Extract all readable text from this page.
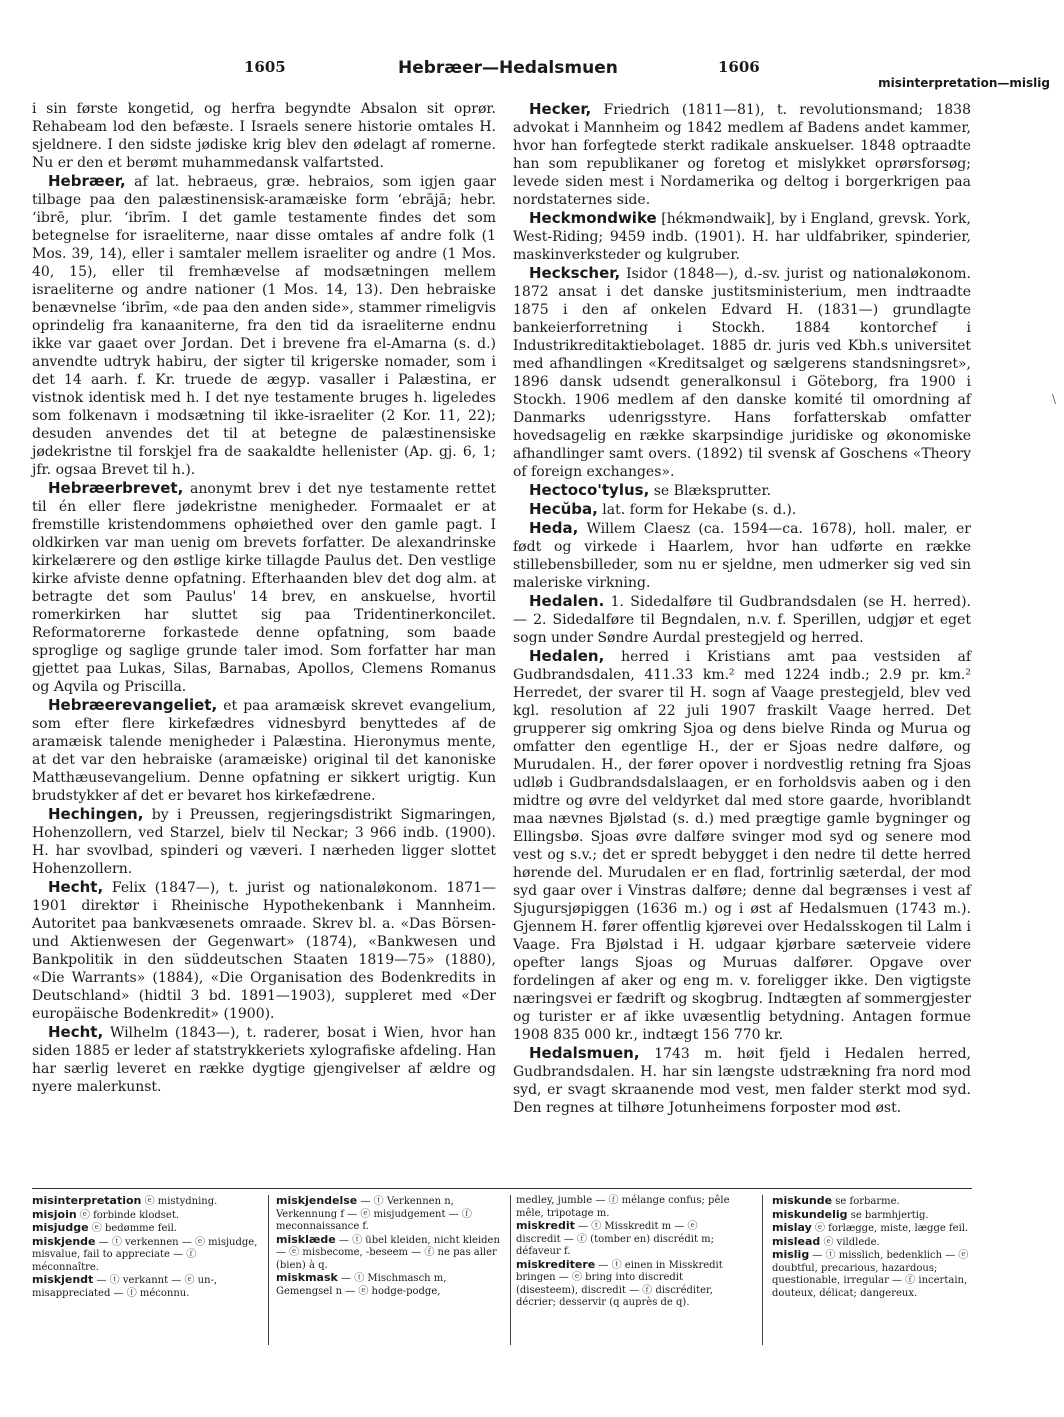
1605	Hebræer—Hedalsmuen	1606
misinterpretation—mislig

i sin første kongetid, og herfra begyndte Absalon sit oprør. Rehabeam lod den befæste. I Israels senere historie omtales H. sjeldnere. I den sidste jødiske krig blev den ødelagt af romerne. Nu er den et berømt muhammedansk valfartsted.

Hebræer, af lat. hebraeus, græ. hebraios, som igjen gaar tilbage paa den palæstinensisk-aramæiske form ʻebrājā; hebr. ʻibrē, plur. ʻibrīm. I det gamle testamente findes det som betegnelse for israeliterne, naar disse omtales af andre folk (1 Mos. 39, 14), eller i samtaler mellem israeliter og andre (1 Mos. 40, 15), eller til fremhævelse af modsætningen mellem israeliterne og andre nationer (1 Mos. 14, 13). Den hebraiske benævnelse ʻibrīm, «de paa den anden side», stammer rimeligvis oprindelig fra kanaaniterne, fra den tid da israeliterne endnu ikke var gaaet over Jordan. Det i brevene fra el-Amarna (s. d.) anvendte udtryk habiru, der sigter til krigerske nomader, som i det 14 aarh. f. Kr. truede de ægyp. vasaller i Palæstina, er vistnok identisk med h. I det nye testamente bruges h. ligeledes som folkenavn i modsætning til ikke-israeliter (2 Kor. 11, 22); desuden anvendes det til at betegne de palæstinensiske jødekristne til forskjel fra de saakaldte hellenister (Ap. gj. 6, 1; jfr. ogsaa Brevet til h.).

Hebræerbrevet, anonymt brev i det nye testamente rettet til én eller flere jødekristne menigheder. Formaalet er at fremstille kristendommens ophøiethed over den gamle pagt. I oldkirken var man uenig om brevets forfatter. De alexandrinske kirkelærere og den østlige kirke tillagde Paulus det. Den vestlige kirke afviste denne opfatning. Efterhaanden blev det dog alm. at betragte det som Paulus' 14 brev, en anskuelse, hvortil romerkirken har sluttet sig paa Tridentinerkoncilet. Reformatorerne forkastede denne opfatning, som baade sproglige og saglige grunde taler imod. Som forfatter har man gjettet paa Lukas, Silas, Barnabas, Apollos, Clemens Romanus og Aqvila og Priscilla.

Hebræerevangeliet, et paa aramæisk skrevet evangelium, som efter flere kirkefædres vidnesbyrd benyttedes af de aramæisk talende menigheder i Palæstina. Hieronymus mente, at det var den hebraiske (aramæiske) original til det kanoniske Matthæusevangelium. Denne opfatning er sikkert urigtig. Kun brudstykker af det er bevaret hos kirkefædrene.

Hechingen, by i Preussen, regjeringsdistrikt Sigmaringen, Hohenzollern, ved Starzel, bielv til Neckar; 3 966 indb. (1900). H. har svovlbad, spinderi og væveri. I nærheden ligger slottet Hohenzollern.

Hecht, Felix (1847—), t. jurist og nationaløkonom. 1871—1901 direktør i Rheinische Hypothekenbank i Mannheim. Autoritet paa bankvæsenets omraade. Skrev bl. a. «Das Börsen- und Aktienwesen der Gegenwart» (1874), «Bankwesen und Bankpolitik in den süddeutschen Staaten 1819—75» (1880), «Die Warrants» (1884), «Die Organisation des Bodenkredits in Deutschland» (hidtil 3 bd. 1891—1903), suppleret med «Der europäische Bodenkredit» (1900).

Hecht, Wilhelm (1843—), t. raderer, bosat i Wien, hvor han siden 1885 er leder af statstrykkeriets xylografiske afdeling. Han har særlig leveret en række dygtige gjengivelser af ældre og nyere malerkunst.

Hecker, Friedrich (1811—81), t. revolutionsmand; 1838 advokat i Mannheim og 1842 medlem af Badens andet kammer, hvor han forfegtede sterkt radikale anskuelser. 1848 optraadte han som republikaner og foretog et mislykket oprørsforsøg; levede siden mest i Nordamerika og deltog i borgerkrigen paa nordstaternes side.

Heckmondwike [hékməndwaik], by i England, grevsk. York, West-Riding; 9459 indb. (1901). H. har uldfabriker, spinderier, maskinverksteder og kulgruber.

Heckscher, Isidor (1848—), d.-sv. jurist og nationaløkonom. 1872 ansat i det danske justitsministerium, men indtraadte 1875 i den af onkelen Edvard H. (1831—) grundlagte bankeierforretning i Stockh. 1884 kontorchef i Industrikreditaktiebolaget. 1885 dr. juris ved Kbh.s universitet med afhandlingen «Kreditsalget og sælgerens standsningsret», 1896 dansk udsendt generalkonsul i Göteborg, fra 1900 i Stockh. 1906 medlem af den danske komité til omordning af Danmarks udenrigsstyre. Hans forfatterskab omfatter hovedsagelig en række skarpsindige juridiske og økonomiske afhandlinger samt overs. (1892) til svensk af Goschens «Theory of foreign exchanges».

Hectoco'tylus, se Blæksprutter.

Hecŭba, lat. form for Hekabe (s. d.).

Heda, Willem Claesz (ca. 1594—ca. 1678), holl. maler, er født og virkede i Haarlem, hvor han udførte en række stillebensbilleder, som nu er sjeldne, men udmerker sig ved sin maleriske virkning.

Hedalen. 1. Sidedalføre til Gudbrandsdalen (se H. herred). — 2. Sidedalføre til Begndalen, n.v. f. Sperillen, udgjør et eget sogn under Søndre Aurdal prestegjeld og herred.

Hedalen, herred i Kristians amt paa vestsiden af Gudbrandsdalen, 411.33 km.² med 1224 indb.; 2.9 pr. km.² Herredet, der svarer til H. sogn af Vaage prestegjeld, blev ved kgl. resolution af 22 juli 1907 fraskilt Vaage herred. Det grupperer sig omkring Sjoa og dens bielve Rinda og Murua og omfatter den egentlige H., der er Sjoas nedre dalføre, og Murudalen. H., der fører opover i nordvestlig retning fra Sjoas udløb i Gudbrandsdalslaagen, er en forholdsvis aaben og i den midtre og øvre del veldyrket dal med store gaarde, hvoriblandt maa nævnes Bjølstad (s. d.) med prægtige gamle bygninger og Ellingsbø. Sjoas øvre dalføre svinger mod syd og senere mod vest og s.v.; det er spredt bebygget i den nedre til dette herred hørende del. Murudalen er en flad, fortrinlig sæterdal, der mod syd gaar over i Vinstras dalføre; denne dal begrænses i vest af Sjugursjøpiggen (1636 m.) og i øst af Hedalsmuen (1743 m.). Gjennem H. fører offentlig kjørevei over Hedalsskogen til Lalm i Vaage. Fra Bjølstad i H. udgaar kjørbare sæterveie videre opefter langs Sjoas og Muruas dalfører. Opgave over fordelingen af aker og eng m. v. foreligger ikke. Den vigtigste næringsvei er fædrift og skogbrug. Indtægten af sommergjester og turister er af ikke uvæsentlig betydning. Antagen formue 1908 835 000 kr., indtægt 156 770 kr.

Hedalsmuen, 1743 m. høit fjeld i Hedalen herred, Gudbrandsdalen. H. har sin længste udstrækning fra nord mod syd, er svagt skraanende mod vest, men falder sterkt mod syd. Den regnes at tilhøre Jotunheimens forposter mod øst.

\

misinterpretation ⓔ mistydning.

misjoin ⓔ forbinde klodset.

misjudge ⓔ bedømme feil.

miskjende — ⓣ verkennen — ⓔ misjudge, misvalue, fail to appreciate — ⓕ méconnaître.

miskjendt — ⓣ verkannt — ⓔ un-, misappreciated — ⓕ méconnu.

miskjendelse — ⓣ Verkennen n, Verkennung f — ⓔ misjudgement — ⓕ meconnaissance f.

misklæde — ⓣ übel kleiden, nicht kleiden — ⓔ misbecome, -beseem — ⓕ ne pas aller (bien) à q.

miskmask — ⓣ Mischmasch m, Gemengsel n — ⓔ hodge-podge,

medley, jumble — ⓕ mélange confus; pêle mêle, tripotage m.

miskredit — ⓣ Misskredit m — ⓔ discredit — ⓕ (tomber en) discrédit m; défaveur f.

miskreditere — ⓣ einen in Misskredit bringen — ⓔ bring into discredit (disesteem), discredit — ⓕ discréditer, décrier; desservir (q auprès de q).

miskunde se forbarme.

miskundelig se barmhjertig.

mislay ⓔ forlægge, miste, lægge feil.

mislead ⓔ vildlede.

mislig — ⓣ misslich, bedenklich — ⓔ doubtful, precarious, hazardous; questionable, irregular — ⓕ incertain, douteux, délicat; dangereux.
